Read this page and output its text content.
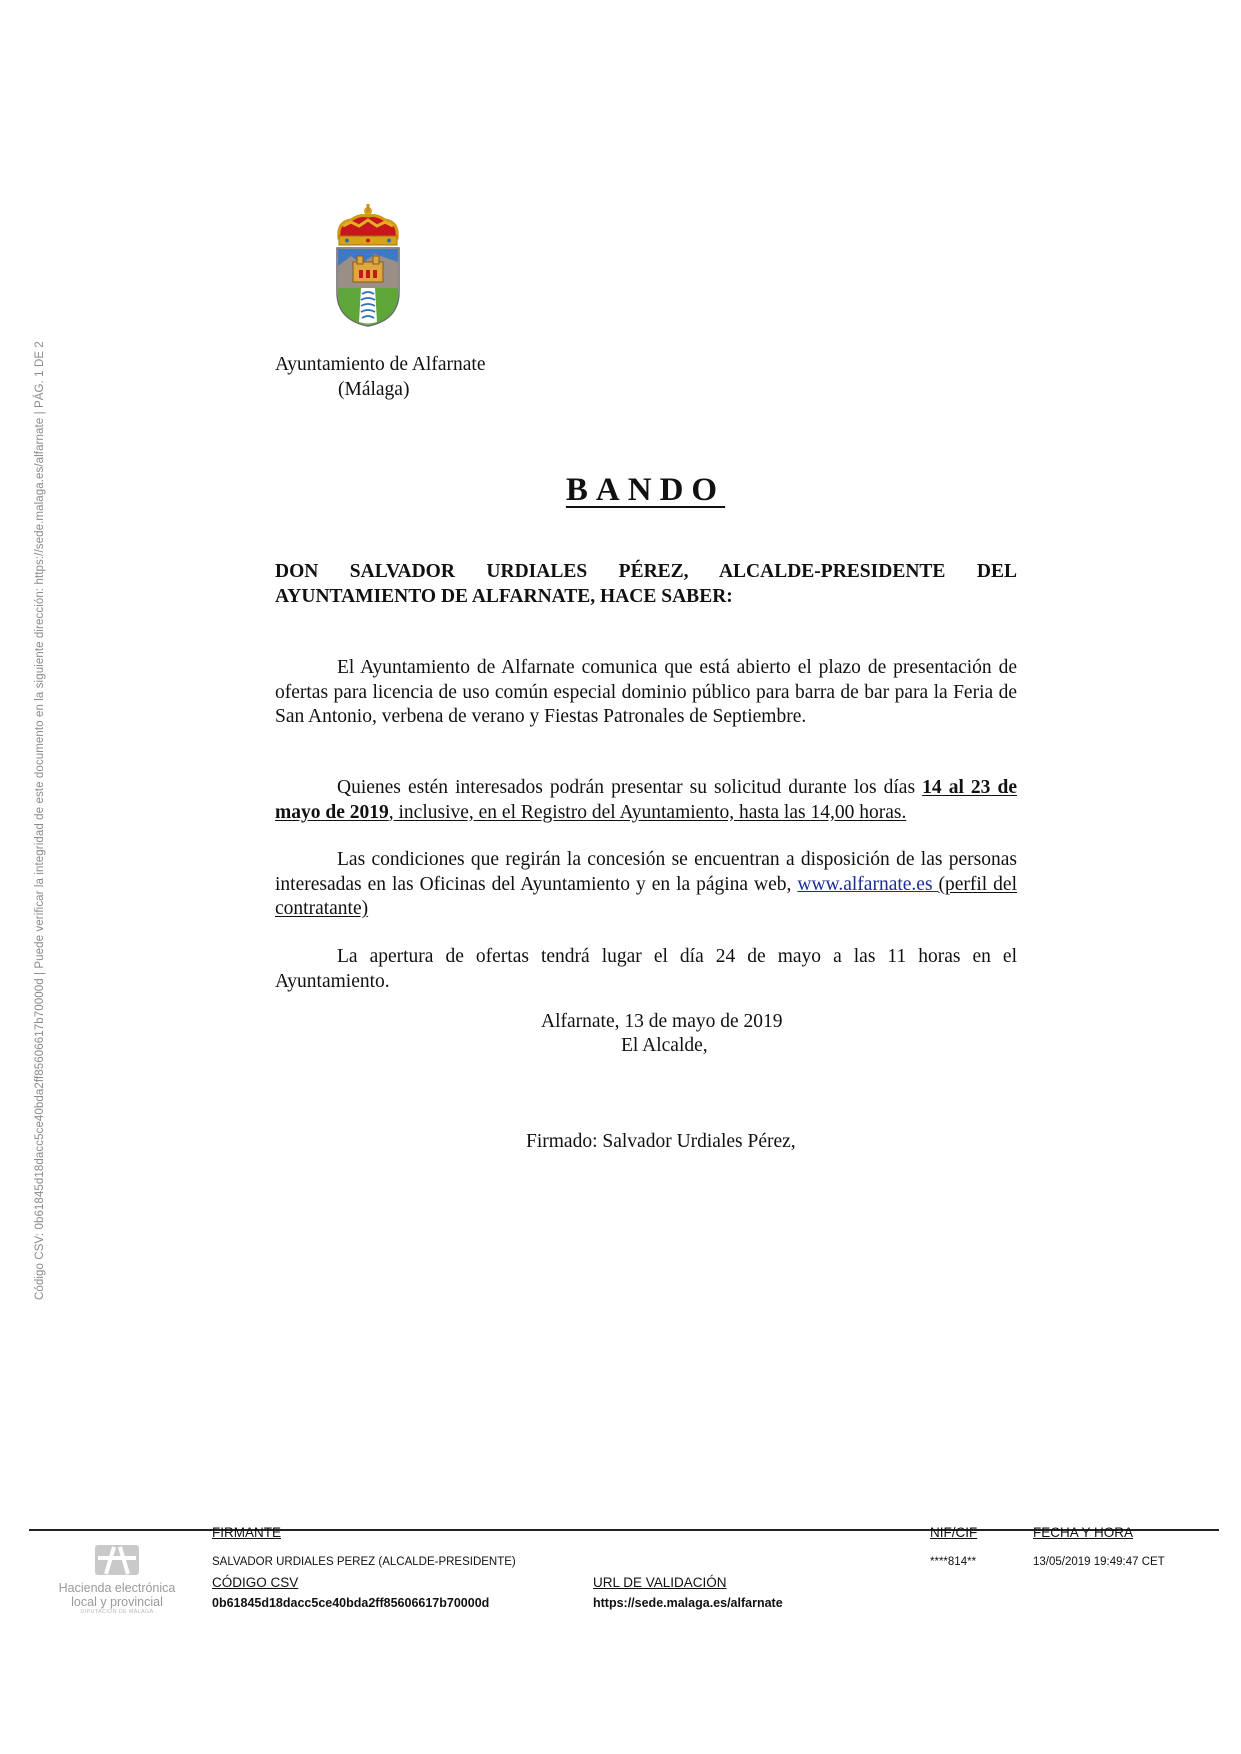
Código CSV: 0b61845d18dacc5ce40bda2ff85606617b70000d | Puede verificar la integridad de este documento en la siguiente dirección: https://sede.malaga.es/alfarnate | PÁG. 1 DE 2	Ayuntamiento de Alfarnate
(Málaga)
BANDO
DON SALVADOR URDIALES PÉREZ, ALCALDE-PRESIDENTE DEL AYUNTAMIENTO DE ALFARNATE, HACE SABER:
El Ayuntamiento de Alfarnate comunica que está abierto el plazo de presentación de ofertas para licencia de uso común especial dominio público para barra de bar para la Feria de San Antonio, verbena de verano y Fiestas Patronales de Septiembre.
Quienes estén interesados podrán presentar su solicitud durante los días 14 al 23 de mayo de 2019, inclusive, en el Registro del Ayuntamiento, hasta las 14,00 horas.
Las condiciones que regirán la concesión se encuentran a disposición de las personas interesadas en las Oficinas del Ayuntamiento y en la página web, www.alfarnate.es (perfil del contratante)
La apertura de ofertas tendrá lugar el día 24 de mayo a las 11 horas en el Ayuntamiento.
Alfarnate, 13 de mayo de 2019
El Alcalde,
Firmado: Salvador Urdiales Pérez,
Hacienda electrónica
local y provincial
DIPUTACIÓN DE MÁLAGA
FIRMANTE
SALVADOR URDIALES PEREZ (ALCALDE-PRESIDENTE)
NIF/CIF
****814**
FECHA Y HORA
13/05/2019 19:49:47 CET
CÓDIGO CSV
0b61845d18dacc5ce40bda2ff85606617b70000d
URL DE VALIDACIÓN
https://sede.malaga.es/alfarnate
